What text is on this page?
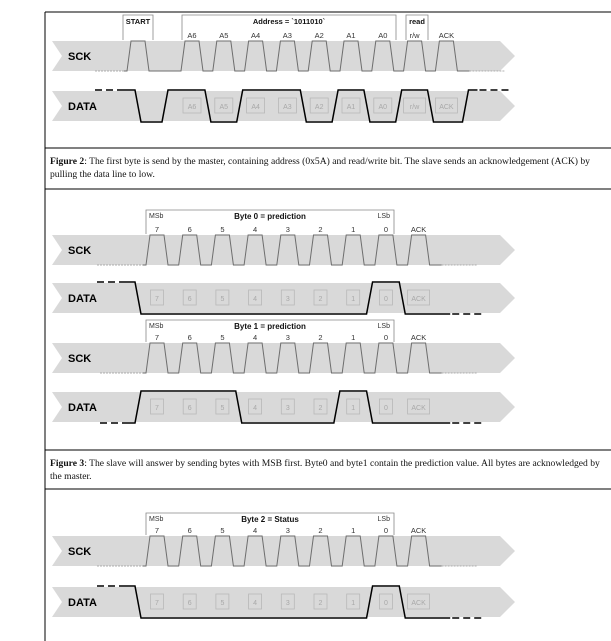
SCK
DATA	A6
A6
A5
A5
A4
A4
A3
A3
A2
A2
A1
A1
A0
A0
r/w
r/w
ACK
ACK
START	Address = `1011010`	read
SCK
DATA	7
7
6
6
5
5
4
4
3
3
2
2
1
1
0
0
ACK
ACK
MSb	Byte 0 = prediction	LSb
SCK
DATA	7
7
6
6
5
5
4
4
3
3
2
2
1
1
0
0
ACK
ACK
MSb	Byte 1 = prediction	LSb
SCK
DATA	7
7
6
6
5
5
4
4
3
3
2
2
1
1
0
0
ACK
ACK
MSb	Byte 2 = Status	LSb
Figure 2: The first byte is send by the master, containing address (0x5A) and read/write bit. The slave sends an acknowledgement (ACK) by pulling the data line to low.
Figure 3: The slave will answer by sending bytes with MSB first. Byte0 and byte1 contain the prediction value. All bytes are acknowledged by the master.
